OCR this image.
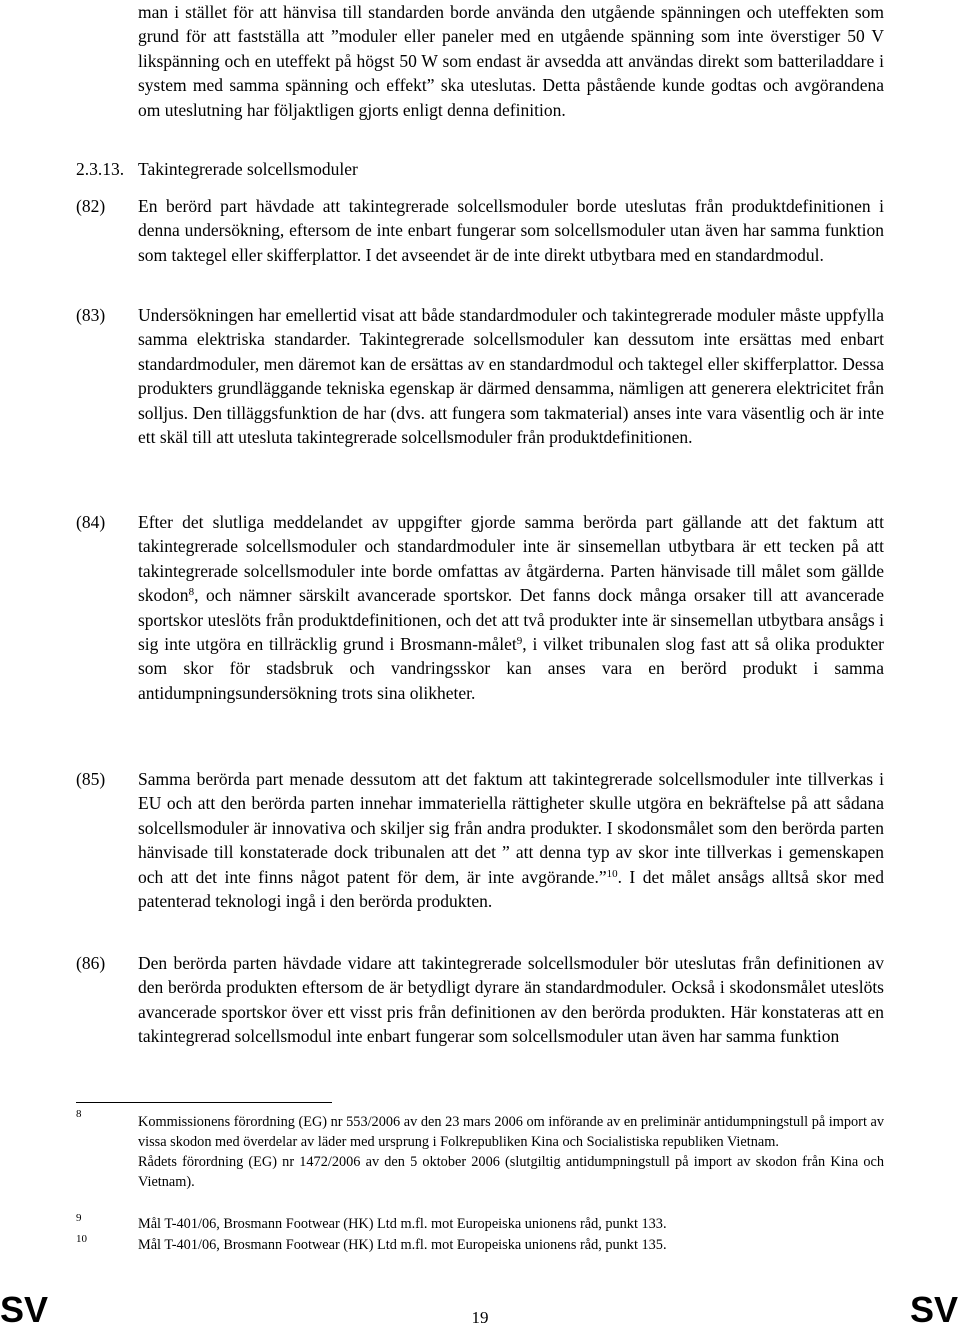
man i stället för att hänvisa till standarden borde använda den utgående spänningen och uteffekten som grund för att fastställa att ”moduler eller paneler med en utgående spänning som inte överstiger 50 V likspänning och en uteffekt på högst 50 W som endast är avsedda att användas direkt som batteriladdare i system med samma spänning och effekt” ska uteslutas. Detta påstående kunde godtas och avgörandena om uteslutning har följaktligen gjorts enligt denna definition.
2.3.13. Takintegrerade solcellsmoduler
(82)	En berörd part hävdade att takintegrerade solcellsmoduler borde uteslutas från produktdefinitionen i denna undersökning, eftersom de inte enbart fungerar som solcellsmoduler utan även har samma funktion som taktegel eller skifferplattor. I det avseendet är de inte direkt utbytbara med en standardmodul.
(83)	Undersökningen har emellertid visat att både standardmoduler och takintegrerade moduler måste uppfylla samma elektriska standarder. Takintegrerade solcellsmoduler kan dessutom inte ersättas med enbart standardmoduler, men däremot kan de ersättas av en standardmodul och taktegel eller skifferplattor. Dessa produkters grundläggande tekniska egenskap är därmed densamma, nämligen att generera elektricitet från solljus. Den tilläggsfunktion de har (dvs. att fungera som takmaterial) anses inte vara väsentlig och är inte ett skäl till att utesluta takintegrerade solcellsmoduler från produktdefinitionen.
(84)	Efter det slutliga meddelandet av uppgifter gjorde samma berörda part gällande att det faktum att takintegrerade solcellsmoduler och standardmoduler inte är sinsemellan utbytbara är ett tecken på att takintegrerade solcellsmoduler inte borde omfattas av åtgärderna. Parten hänvisade till målet som gällde skodon$^8$, och nämner särskilt avancerade sportskor. Det fanns dock många orsaker till att avancerade sportskor uteslöts från produktdefinitionen, och det att två produkter inte är sinsemellan utbytbara ansågs i sig inte utgöra en tillräcklig grund i Brosmann-målet$^9$, i vilket tribunalen slog fast att så olika produkter som skor för stadsbruk och vandringsskor kan anses vara en berörd produkt i samma antidumpningsundersökning trots sina olikheter.
(85)	Samma berörda part menade dessutom att det faktum att takintegrerade solcellsmoduler inte tillverkas i EU och att den berörda parten innehar immateriella rättigheter skulle utgöra en bekräftelse på att sådana solcellsmoduler är innovativa och skiljer sig från andra produkter. I skodonsmålet som den berörda parten hänvisade till konstaterade dock tribunalen att det ” att denna typ av skor inte tillverkas i gemenskapen och att det inte finns något patent för dem, är inte avgörande.”$^{10}$. I det målet ansågs alltså skor med patenterad teknologi ingå i den berörda produkten.
(86)	Den berörda parten hävdade vidare att takintegrerade solcellsmoduler bör uteslutas från definitionen av den berörda produkten eftersom de är betydligt dyrare än standardmoduler. Också i skodonsmålet uteslöts avancerade sportskor över ett visst pris från definitionen av den berörda produkten. Här konstateras att en takintegrerad solcellsmodul inte enbart fungerar som solcellsmoduler utan även har samma funktion
8	Kommissionens förordning (EG) nr 553/2006 av den 23 mars 2006 om införande av en preliminär antidumpningstull på import av vissa skodon med överdelar av läder med ursprung i Folkrepubliken Kina och Socialistiska republiken Vietnam.
Rådets förordning (EG) nr 1472/2006 av den 5 oktober 2006 (slutgiltig antidumpningstull på import av skodon från Kina och Vietnam).
9	Mål T-401/06, Brosmann Footwear (HK) Ltd m.fl. mot Europeiska unionens råd, punkt 133.
10	Mål T-401/06, Brosmann Footwear (HK) Ltd m.fl. mot Europeiska unionens råd, punkt 135.
SV	19	SV
